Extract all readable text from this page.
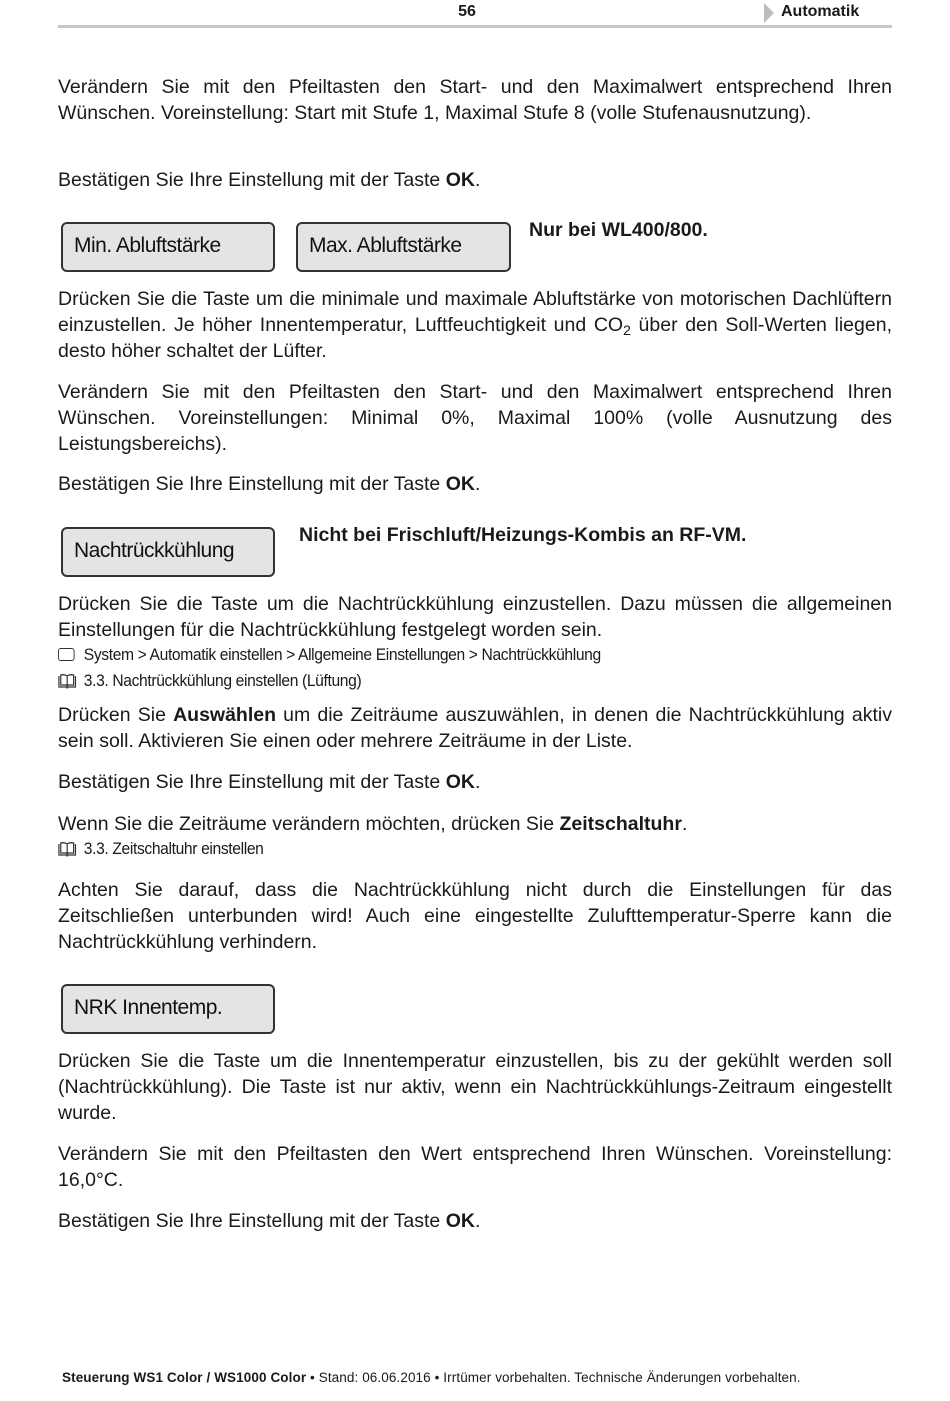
56	Automatik

Verändern Sie mit den Pfeiltasten den Start- und den Maximalwert entsprechend Ihren Wünschen. Voreinstellung: Start mit Stufe 1, Maximal Stufe 8 (volle Stufenausnutzung).

Bestätigen Sie Ihre Einstellung mit der Taste OK.

Min. Abluftstärke	Max. Abluftstärke
Nur bei WL400/800.

Drücken Sie die Taste um die minimale und maximale Abluftstärke von motorischen Dachlüftern einzustellen. Je höher Innentemperatur, Luftfeuchtigkeit und $CO_2$ über den Soll-Werten liegen, desto höher schaltet der Lüfter.

Verändern Sie mit den Pfeiltasten den Start- und den Maximalwert entsprechend Ihren Wünschen. Voreinstellungen: Minimal 0%, Maximal 100% (volle Ausnutzung des Leistungsbereichs).

Bestätigen Sie Ihre Einstellung mit der Taste OK.

Nachtrückkühlung
Nicht bei Frischluft/Heizungs-Kombis an RF-VM.

Drücken Sie die Taste um die Nachtrückkühlung einzustellen. Dazu müssen die allgemeinen Einstellungen für die Nachtrückkühlung festgelegt worden sein.

System > Automatik einstellen > Allgemeine Einstellungen > Nachtrückkühlung
3.3. Nachtrückkühlung einstellen (Lüftung)

Drücken Sie Auswählen um die Zeiträume auszuwählen, in denen die Nachtrückkühlung aktiv sein soll. Aktivieren Sie einen oder mehrere Zeiträume in der Liste.

Bestätigen Sie Ihre Einstellung mit der Taste OK.

Wenn Sie die Zeiträume verändern möchten, drücken Sie Zeitschaltuhr.

3.3. Zeitschaltuhr einstellen

Achten Sie darauf, dass die Nachtrückkühlung nicht durch die Einstellungen für das Zeitschließen unterbunden wird! Auch eine eingestellte Zulufttemperatur-Sperre kann die Nachtrückkühlung verhindern.

NRK Innentemp.

Drücken Sie die Taste um die Innentemperatur einzustellen, bis zu der gekühlt werden soll (Nachtrückkühlung). Die Taste ist nur aktiv, wenn ein Nachtrückkühlungs-Zeitraum eingestellt wurde.

Verändern Sie mit den Pfeiltasten den Wert entsprechend Ihren Wünschen. Voreinstellung: 16,0°C.

Bestätigen Sie Ihre Einstellung mit der Taste OK.

Steuerung WS1 Color / WS1000 Color • Stand: 06.06.2016 • Irrtümer vorbehalten. Technische Änderungen vorbehalten.
